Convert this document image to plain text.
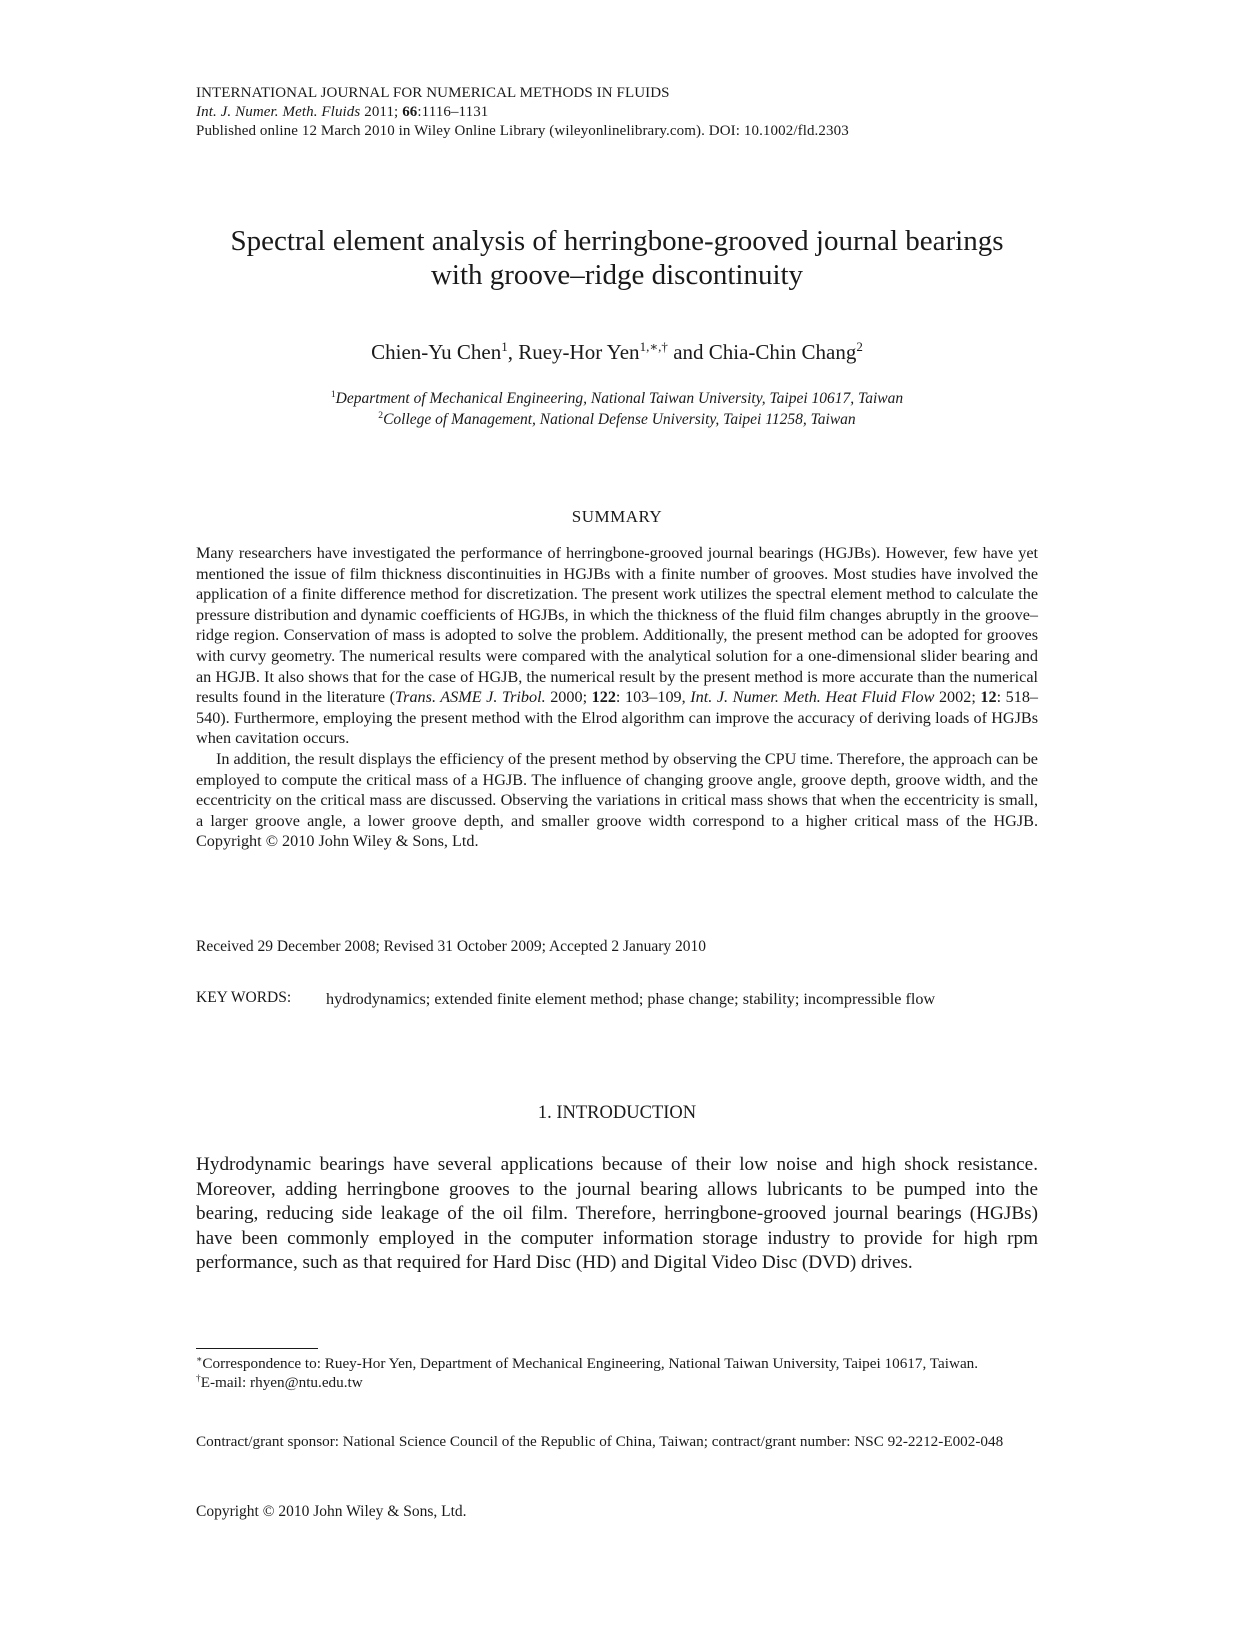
INTERNATIONAL JOURNAL FOR NUMERICAL METHODS IN FLUIDS
Int. J. Numer. Meth. Fluids 2011; 66:1116–1131
Published online 12 March 2010 in Wiley Online Library (wileyonlinelibrary.com). DOI: 10.1002/fld.2303
Spectral element analysis of herringbone-grooved journal bearings
with groove–ridge discontinuity
Chien-Yu Chen$^1$, Ruey-Hor Yen$^{1,∗,\dagger}$ and Chia-Chin Chang$^2$
$^1$Department of Mechanical Engineering, National Taiwan University, Taipei 10617, Taiwan
$^2$College of Management, National Defense University, Taipei 11258, Taiwan
SUMMARY

Many researchers have investigated the performance of herringbone-grooved journal bearings (HGJBs). However, few have yet mentioned the issue of film thickness discontinuities in HGJBs with a finite number of grooves. Most studies have involved the application of a finite difference method for discretization. The present work utilizes the spectral element method to calculate the pressure distribution and dynamic coefficients of HGJBs, in which the thickness of the fluid film changes abruptly in the groove–ridge region. Conservation of mass is adopted to solve the problem. Additionally, the present method can be adopted for grooves with curvy geometry. The numerical results were compared with the analytical solution for a one-dimensional slider bearing and an HGJB. It also shows that for the case of HGJB, the numerical result by the present method is more accurate than the numerical results found in the literature (Trans. ASME J. Tribol. 2000; 122: 103–109, Int. J. Numer. Meth. Heat Fluid Flow 2002; 12: 518–540). Furthermore, employing the present method with the Elrod algorithm can improve the accuracy of deriving loads of HGJBs when cavitation occurs.

In addition, the result displays the efficiency of the present method by observing the CPU time. Therefore, the approach can be employed to compute the critical mass of a HGJB. The influence of changing groove angle, groove depth, groove width, and the eccentricity on the critical mass are discussed. Observing the variations in critical mass shows that when the eccentricity is small, a larger groove angle, a lower groove depth, and smaller groove width correspond to a higher critical mass of the HGJB. Copyright © 2010 John Wiley & Sons, Ltd.

Received 29 December 2008; Revised 31 October 2009; Accepted 2 January 2010
KEY WORDS: hydrodynamics; extended finite element method; phase change; stability; incompressible flow
1. INTRODUCTION

Hydrodynamic bearings have several applications because of their low noise and high shock resistance. Moreover, adding herringbone grooves to the journal bearing allows lubricants to be pumped into the bearing, reducing side leakage of the oil film. Therefore, herringbone-grooved journal bearings (HGJBs) have been commonly employed in the computer information storage industry to provide for high rpm performance, such as that required for Hard Disc (HD) and Digital Video Disc (DVD) drives.

∗Correspondence to: Ruey-Hor Yen, Department of Mechanical Engineering, National Taiwan University, Taipei 10617, Taiwan.

†E-mail: rhyen@ntu.edu.tw

Contract/grant sponsor: National Science Council of the Republic of China, Taiwan; contract/grant number: NSC 92-2212-E002-048
Copyright © 2010 John Wiley & Sons, Ltd.
